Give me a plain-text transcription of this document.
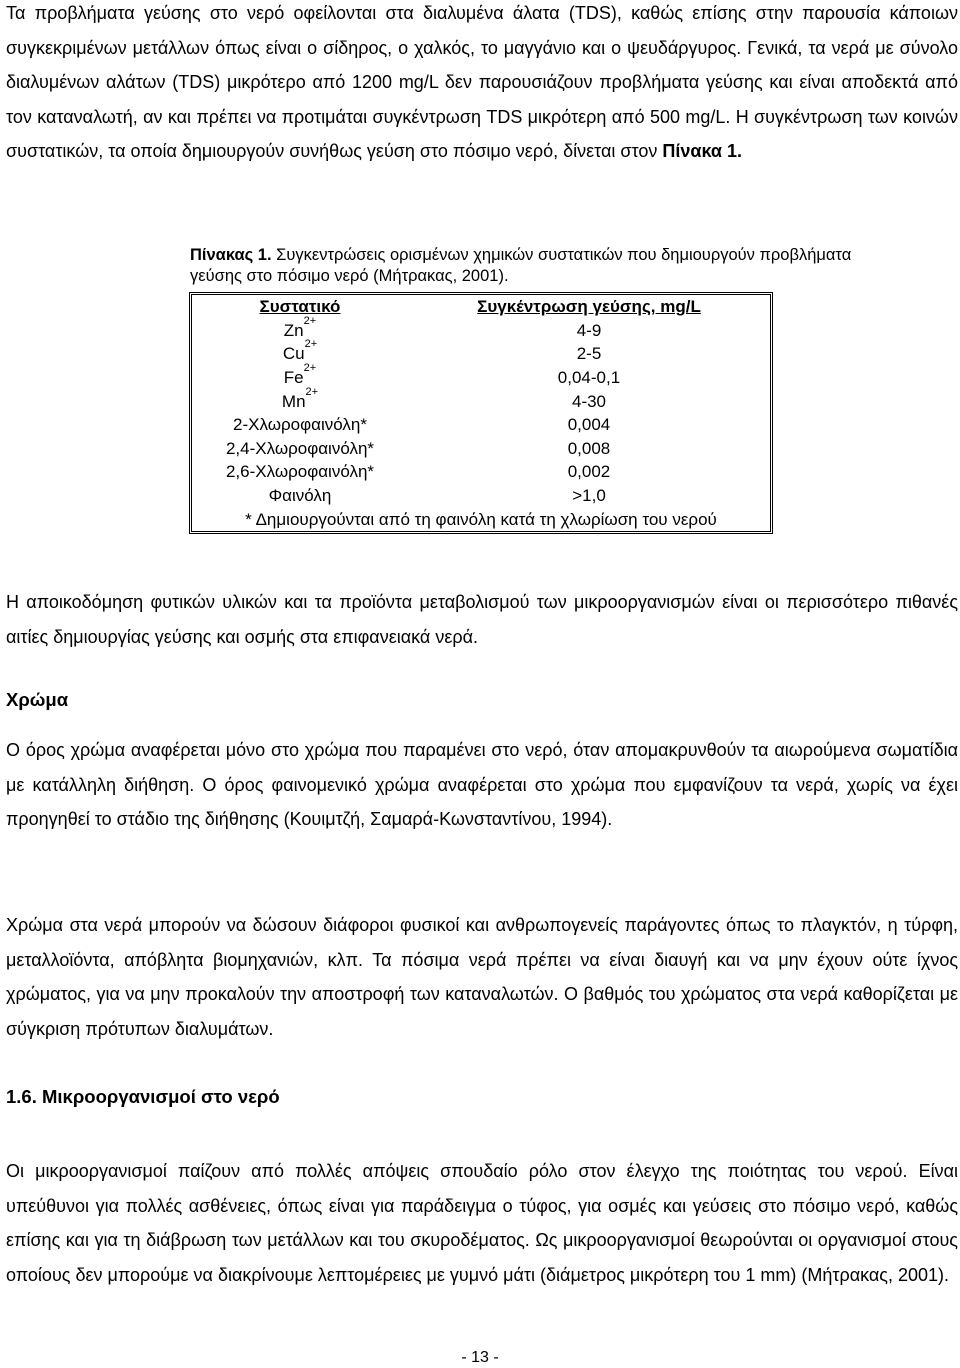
Τα προβλήματα γεύσης στο νερό οφείλονται στα διαλυμένα άλατα (TDS), καθώς επίσης στην παρουσία κάποιων συγκεκριμένων μετάλλων όπως είναι ο σίδηρος, ο χαλκός, το μαγγάνιο και ο ψευδάργυρος. Γενικά, τα νερά με σύνολο διαλυμένων αλάτων (TDS) μικρότερο από 1200 mg/L δεν παρουσιάζουν προβλήματα γεύσης και είναι αποδεκτά από τον καταναλωτή, αν και πρέπει να προτιμάται συγκέντρωση TDS μικρότερη από 500 mg/L. Η συγκέντρωση των κοινών συστατικών, τα οποία δημιουργούν συνήθως γεύση στο πόσιμο νερό, δίνεται στον Πίνακα 1.

Πίνακας 1. Συγκεντρώσεις ορισμένων χημικών συστατικών που δημιουργούν προβλήματα γεύσης στο πόσιμο νερό (Μήτρακας, 2001).

Συστατικό	Συγκέντρωση γεύσης, mg/L
$Zn^{2+}$	4-9
$Cu^{2+}$	2-5
$Fe^{2+}$	0,04-0,1
$Mn^{2+}$	4-30
2-Χλωροφαινόλη*	0,004
2,4-Χλωροφαινόλη*	0,008
2,6-Χλωροφαινόλη*	0,002
Φαινόλη	>1,0
* Δημιουργούνται από τη φαινόλη κατά τη χλωρίωση του νερού	

Η αποικοδόμηση φυτικών υλικών και τα προϊόντα μεταβολισμού των μικροοργανισμών είναι οι περισσότερο πιθανές αιτίες δημιουργίας γεύσης και οσμής στα επιφανειακά νερά.

Χρώμα

Ο όρος χρώμα αναφέρεται μόνο στο χρώμα που παραμένει στο νερό, όταν απομακρυνθούν τα αιωρούμενα σωματίδια με κατάλληλη διήθηση. Ο όρος φαινομενικό χρώμα αναφέρεται στο χρώμα που εμφανίζουν τα νερά, χωρίς να έχει προηγηθεί το στάδιο της διήθησης (Κουιμτζή, Σαμαρά-Κωνσταντίνου, 1994).

Χρώμα στα νερά μπορούν να δώσουν διάφοροι φυσικοί και ανθρωπογενείς παράγοντες όπως το πλαγκτόν, η τύρφη, μεταλλοϊόντα, απόβλητα βιομηχανιών, κλπ. Τα πόσιμα νερά πρέπει να είναι διαυγή και να μην έχουν ούτε ίχνος χρώματος, για να μην προκαλούν την αποστροφή των καταναλωτών. Ο βαθμός του χρώματος στα νερά καθορίζεται με σύγκριση πρότυπων διαλυμάτων.

1.6. Μικροοργανισμοί στο νερό

Οι μικροοργανισμοί παίζουν από πολλές απόψεις σπουδαίο ρόλο στον έλεγχο της ποιότητας του νερού. Είναι υπεύθυνοι για πολλές ασθένειες, όπως είναι για παράδειγμα ο τύφος, για οσμές και γεύσεις στο πόσιμο νερό, καθώς επίσης και για τη διάβρωση των μετάλλων και του σκυροδέματος. Ως μικροοργανισμοί θεωρούνται οι οργανισμοί στους οποίους δεν μπορούμε να διακρίνουμε λεπτομέρειες με γυμνό μάτι (διάμετρος μικρότερη του 1 mm) (Μήτρακας, 2001).

- 13 -
